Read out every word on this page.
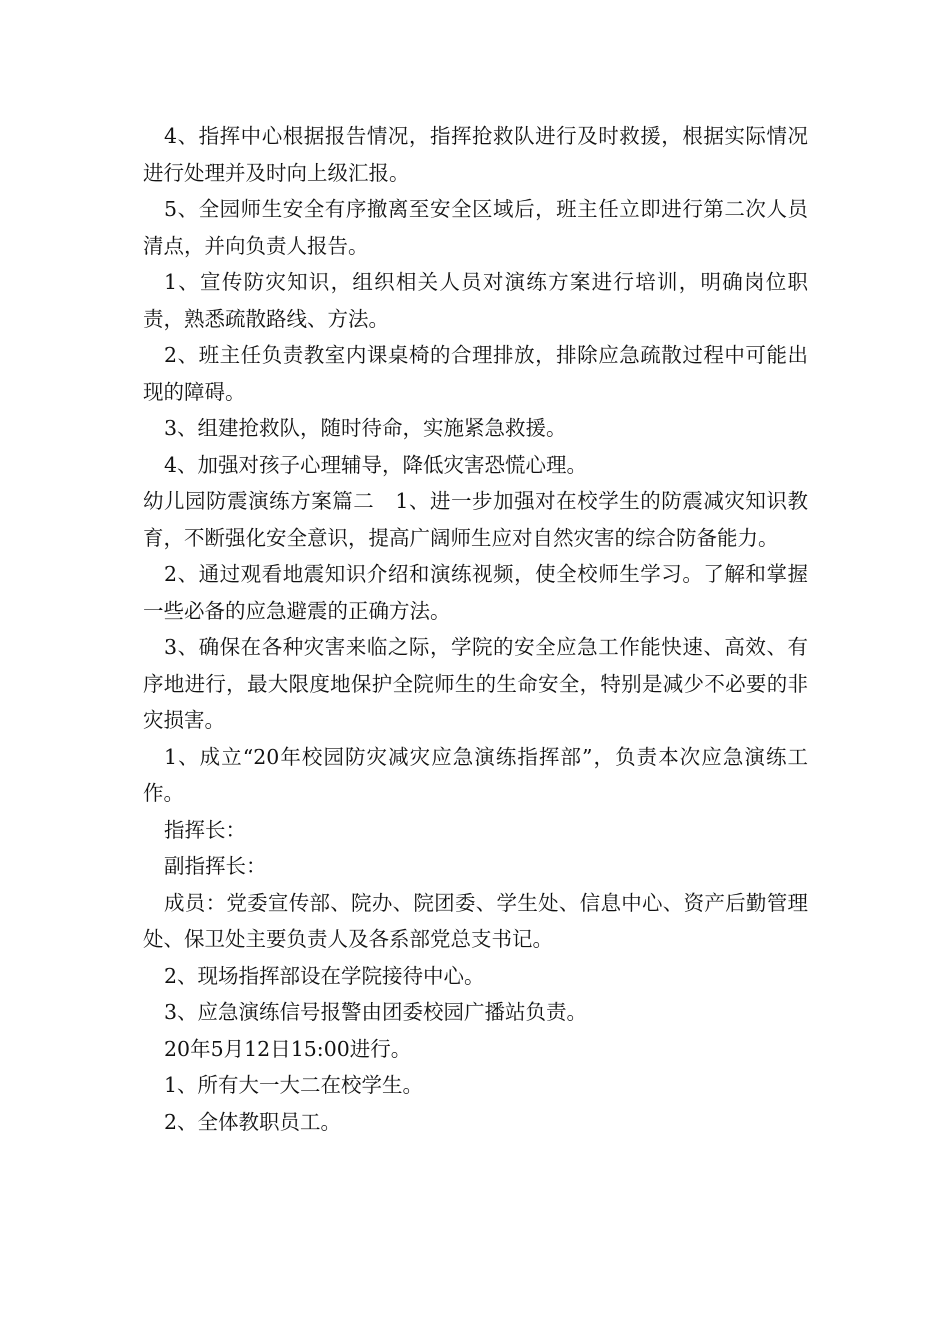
4、指挥中心根据报告情况，指挥抢救队进行及时救援，根据实际情况进行处理并及时向上级汇报。

5、全园师生安全有序撤离至安全区域后，班主任立即进行第二次人员清点，并向负责人报告。

1、宣传防灾知识，组织相关人员对演练方案进行培训，明确岗位职责，熟悉疏散路线、方法。

2、班主任负责教室内课桌椅的合理排放，排除应急疏散过程中可能出现的障碍。

3、组建抢救队，随时待命，实施紧急救援。

4、加强对孩子心理辅导，降低灾害恐慌心理。

幼儿园防震演练方案篇二　1、进一步加强对在校学生的防震减灾知识教育，不断强化安全意识，提高广阔师生应对自然灾害的综合防备能力。

2、通过观看地震知识介绍和演练视频，使全校师生学习。了解和掌握一些必备的应急避震的正确方法。

3、确保在各种灾害来临之际，学院的安全应急工作能快速、高效、有序地进行，最大限度地保护全院师生的生命安全，特别是减少不必要的非灾损害。

1、成立“20年校园防灾减灾应急演练指挥部”，负责本次应急演练工作。

指挥长：

副指挥长：

成员：党委宣传部、院办、院团委、学生处、信息中心、资产后勤管理处、保卫处主要负责人及各系部党总支书记。

2、现场指挥部设在学院接待中心。

3、应急演练信号报警由团委校园广播站负责。

20年5月12日15:00进行。

1、所有大一大二在校学生。

2、全体教职员工。
